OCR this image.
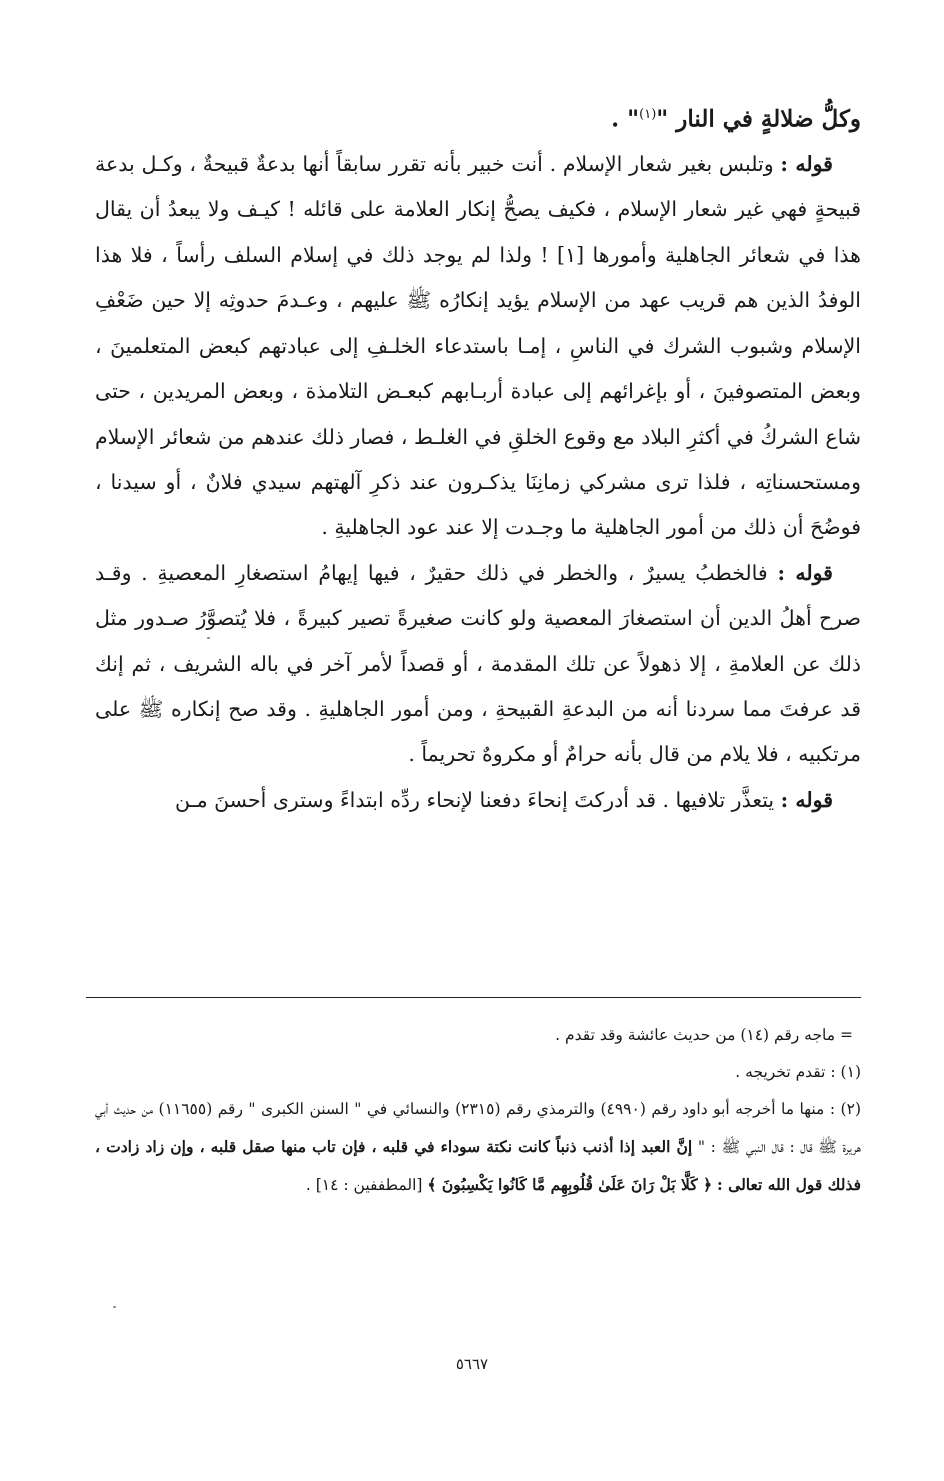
وكلُّ ضلالةٍ في النار "$^{(١)}$" .

قوله : وتلبس بغير شعار الإسلام . أنت خبير بأنه تقرر سابقاً أنها بدعةٌ قبيحةٌ ، وكـل بدعة قبيحةٍ فهي غير شعار الإسلام ، فكيف يصحُّ إنكار العلامة على قائله ! كيـف ولا يبعدُ أن يقال هذا في شعائر الجاهلية وأمورها [١] ! ولذا لم يوجد ذلك في إسلام السلف رأساً ، فلا هذا الوفدُ الذين هم قريب عهد من الإسلام يؤيد إنكارُه ﷺ عليهم ، وعـدمَ حدوثِه إلا حين ضَعْفِ الإسلام وشبوب الشرك في الناسِ ، إمـا باستدعاء الخلـفِ إلى عبادتهم كبعض المتعلمينَ ، وبعض المتصوفينَ ، أو بإغرائهم إلى عبادة أربـابهم كبعـض التلامذة ، وبعض المريدين ، حتى شاع الشركُ في أكثرِ البلاد مع وقوع الخلقِ في الغلـط ، فصار ذلك عندهم من شعائر الإسلام ومستحسناتِه ، فلذا ترى مشركي زمانِنَا يذكـرون عند ذكرِ آلهتهم سيدي فلانٌ ، أو سيدنا ، فوضُحَ أن ذلك من أمور الجاهلية ما وجـدت إلا عند عود الجاهليةِ .

قوله : فالخطبُ يسيرٌ ، والخطر في ذلك حقيرٌ ، فيها إيهامُ استصغارِ المعصيةِ . وقـد صرح أهلُ الدين أن استصغارَ المعصية ولو كانت صغيرةً تصير كبيرةً ، فلا يُتصوَّرُ صـدور مثل ذلك عن العلامةِ ، إلا ذهولاً عن تلك المقدمة ، أو قصداً لأمر آخر في باله الشريف ، ثم إنك قد عرفتَ مما سردنا أنه من البدعةِ القبيحةِ ، ومن أمور الجاهليةِ . وقد صح إنكاره ﷺ على مرتكبيه ، فلا يلام من قال بأنه حرامٌ أو مكروهٌ تحريماً .

قوله : يتعذَّر تلافيها . قد أدركتَ إنحاءَ دفعنا لإنحاء ردِّه ابتداءً وسترى أحسنَ مـن

= ماجه رقم (١٤) من حديث عائشة وقد تقدم .

(١) : تقدم تخريجه .

(٢) : منها ما أخرجه أبو داود رقم (٤٩٩٠) والترمذي رقم (٢٣١٥) والنسائي في " السنن الكبرى " رقم (١١٦٥٥) من حديث أبي هريرة ﷺ قال : قال النبي ﷺ : " إنَّ العبد إذا أذنب ذنباً كانت نكتة سوداء في قلبه ، فإن تاب منها صقل قلبه ، وإن زاد زادت ، فذلك قول الله تعالى : ﴿ كَلَّا بَلْ رَانَ عَلَىٰ قُلُوبِهِم مَّا كَانُوا يَكْسِبُونَ ﴾ [المطففين : ١٤] .

٥٦٦٧
